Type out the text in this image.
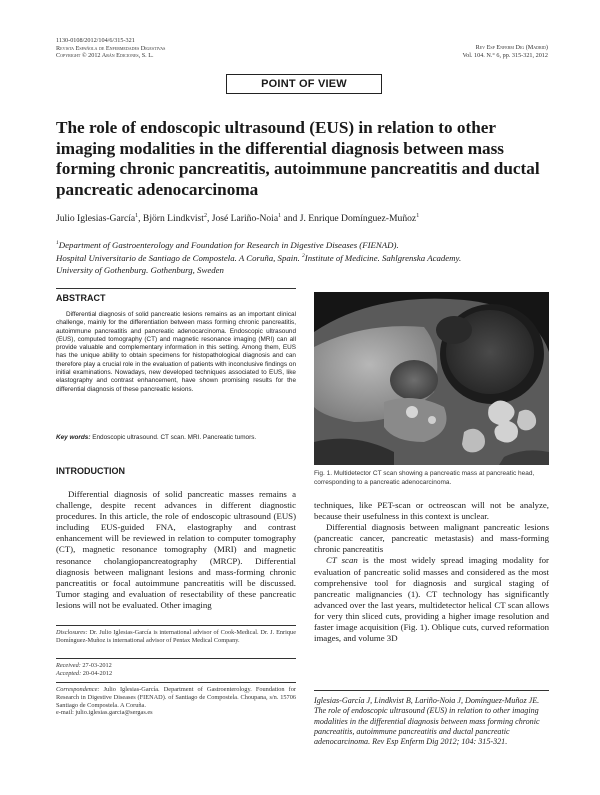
1130-0108/2012/104/6/315-321
Revista Española de Enfermedades Digestivas
Copyright © 2012 Arán Ediciones, S. L.
Rev Esp Enferm Dig (Madrid)
Vol. 104. N.° 6, pp. 315-321, 2012
POINT OF VIEW
The role of endoscopic ultrasound (EUS) in relation to other imaging modalities in the differential diagnosis between mass forming chronic pancreatitis, autoimmune pancreatitis and ductal pancreatic adenocarcinoma
Julio Iglesias-García$^1$, Björn Lindkvist$^2$, José Lariño-Noia$^1$ and J. Enrique Domínguez-Muñoz$^1$
$^1$Department of Gastroenterology and Foundation for Research in Digestive Diseases (FIENAD).
Hospital Universitario de Santiago de Compostela. A Coruña, Spain. $^2$Institute of Medicine. Sahlgrenska Academy.
University of Gothenburg. Gothenburg, Sweden
ABSTRACT
Differential diagnosis of solid pancreatic lesions remains as an important clinical challenge, mainly for the differentiation between mass forming chronic pancreatitis, autoimmune pancreatitis and pancreatic adenocarcinoma. Endoscopic ultrasound (EUS), computed tomography (CT) and magnetic resonance imaging (MRI) can all provide valuable and complementary information in this setting. Among them, EUS has the unique ability to obtain specimens for histopathological diagnosis and can therefore play a crucial role in the evaluation of patients with inconclusive findings on initial examinations. Nowadays, new developed techniques associated to EUS, like elastography and contrast enhancement, have shown promising results for the differential diagnosis of these pancreatic lesions.
Key words: Endoscopic ultrasound. CT scan. MRI. Pancreatic tumors.
INTRODUCTION

Differential diagnosis of solid pancreatic masses remains a challenge, despite recent advances in different diagnostic procedures. In this article, the role of endoscopic ultrasound (EUS) including EUS-guided FNA, elastography and contrast enhancement will be reviewed in relation to computer tomography (CT), magnetic resonance tomography (MRI) and magnetic resonance cholangiopancreatography (MRCP). Differential diagnosis between malignant lesions and mass-forming chronic pancreatitis or focal autoimmune pancreatitis will be discussed. Tumor staging and evaluation of resectability of these pancreatic lesions will not be evaluated. Other imaging

Disclosures: Dr. Julio Iglesias-García is international advisor of Cook-Medical. Dr. J. Enrique Domínguez-Muñoz is international advisor of Pentax Medical Company.
Received: 27-03-2012
Accepted: 20-04-2012
Correspondence: Julio Iglesias-García. Department of Gastroenterology. Foundation for Research in Digestive Diseases (FIENAD). of Santiago de Compostela. Choupana, s/n. 15706 Santiago de Compostela. A Coruña.
e-mail: julio.iglesias.garcia@sergas.es
Fig. 1. Multidetector CT scan showing a pancreatic mass at pancreatic head, corresponding to a pancreatic adenocarcinoma.

techniques, like PET-scan or octreoscan will not be analyze, because their usefulness in this context is unclear.

Differential diagnosis between malignant pancreatic lesions (pancreatic cancer, pancreatic metastasis) and mass-forming chronic pancreatitis

CT scan is the most widely spread imaging modality for evaluation of pancreatic solid masses and considered as the most comprehensive tool for diagnosis and surgical staging of pancreatic malignancies (1). CT technology has significantly advanced over the last years, multidetector helical CT scan allows for very thin sliced cuts, providing a higher image resolution and faster image acquisition (Fig. 1). Oblique cuts, curved reformation images, and volume 3D

Iglesias-García J, Lindkvist B, Lariño-Noia J, Domínguez-Muñoz JE. The role of endoscopic ultrasound (EUS) in relation to other imaging modalities in the differential diagnosis between mass forming chronic pancreatitis, autoimmune pancreatitis and ductal pancreatic adenocarcinoma. Rev Esp Enferm Dig 2012; 104: 315-321.
